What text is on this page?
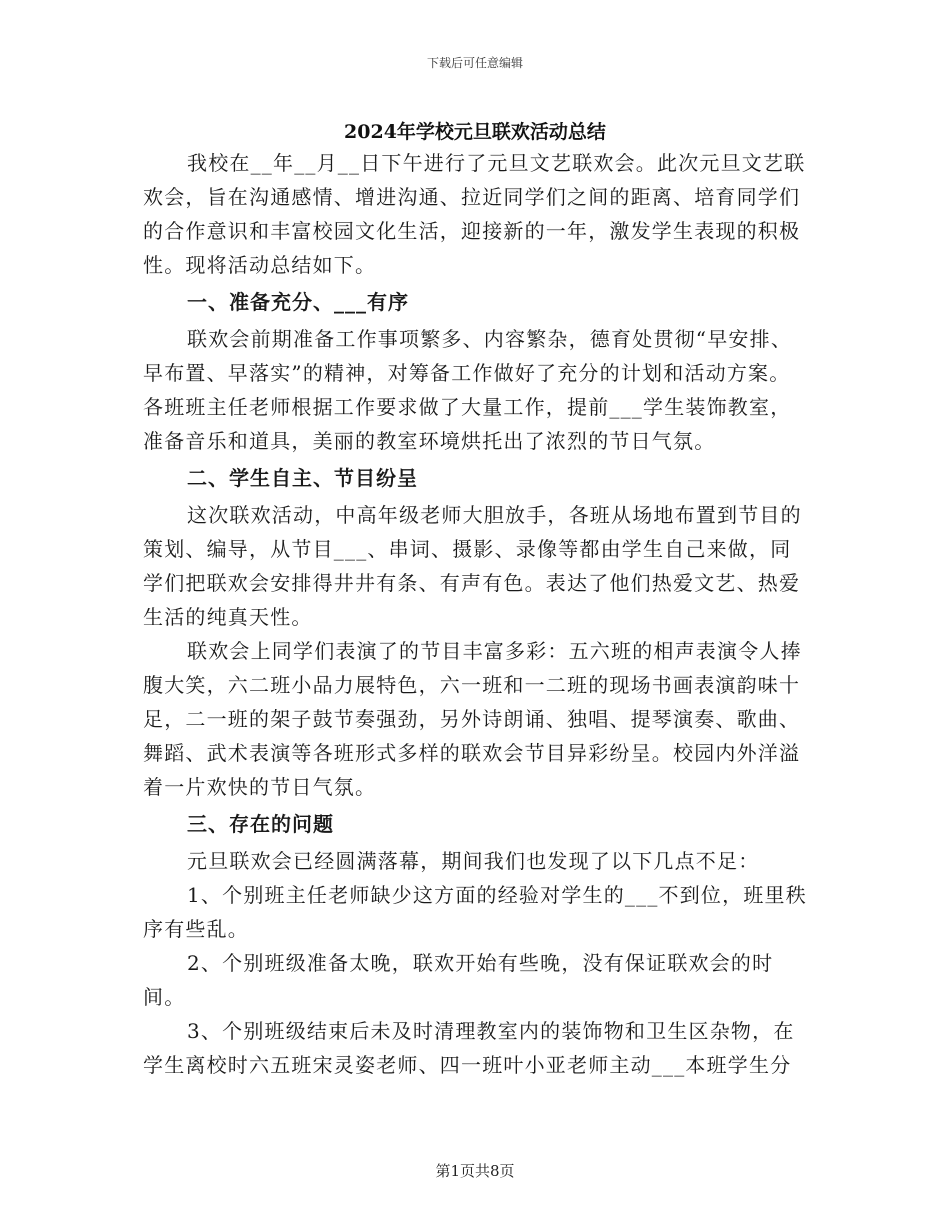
下载后可任意编辑
2024年学校元旦联欢活动总结

我校在__年__月__日下午进行了元旦文艺联欢会。此次元旦文艺联欢会，旨在沟通感情、增进沟通、拉近同学们之间的距离、培育同学们的合作意识和丰富校园文化生活，迎接新的一年，激发学生表现的积极性。现将活动总结如下。

一、准备充分、___有序

联欢会前期准备工作事项繁多、内容繁杂，德育处贯彻“早安排、早布置、早落实”的精神，对筹备工作做好了充分的计划和活动方案。各班班主任老师根据工作要求做了大量工作，提前___学生装饰教室，准备音乐和道具，美丽的教室环境烘托出了浓烈的节日气氛。

二、学生自主、节目纷呈

这次联欢活动，中高年级老师大胆放手，各班从场地布置到节目的策划、编导，从节目___、串词、摄影、录像等都由学生自己来做，同学们把联欢会安排得井井有条、有声有色。表达了他们热爱文艺、热爱生活的纯真天性。

联欢会上同学们表演了的节目丰富多彩：五六班的相声表演令人捧腹大笑，六二班小品力展特色，六一班和一二班的现场书画表演韵味十足，二一班的架子鼓节奏强劲，另外诗朗诵、独唱、提琴演奏、歌曲、舞蹈、武术表演等各班形式多样的联欢会节目异彩纷呈。校园内外洋溢着一片欢快的节日气氛。

三、存在的问题

元旦联欢会已经圆满落幕，期间我们也发现了以下几点不足：

1、个别班主任老师缺少这方面的经验对学生的___不到位，班里秩序有些乱。

2、个别班级准备太晚，联欢开始有些晚，没有保证联欢会的时间。

3、个别班级结束后未及时清理教室内的装饰物和卫生区杂物，在学生离校时六五班宋灵姿老师、四一班叶小亚老师主动___本班学生分

第1页共8页
